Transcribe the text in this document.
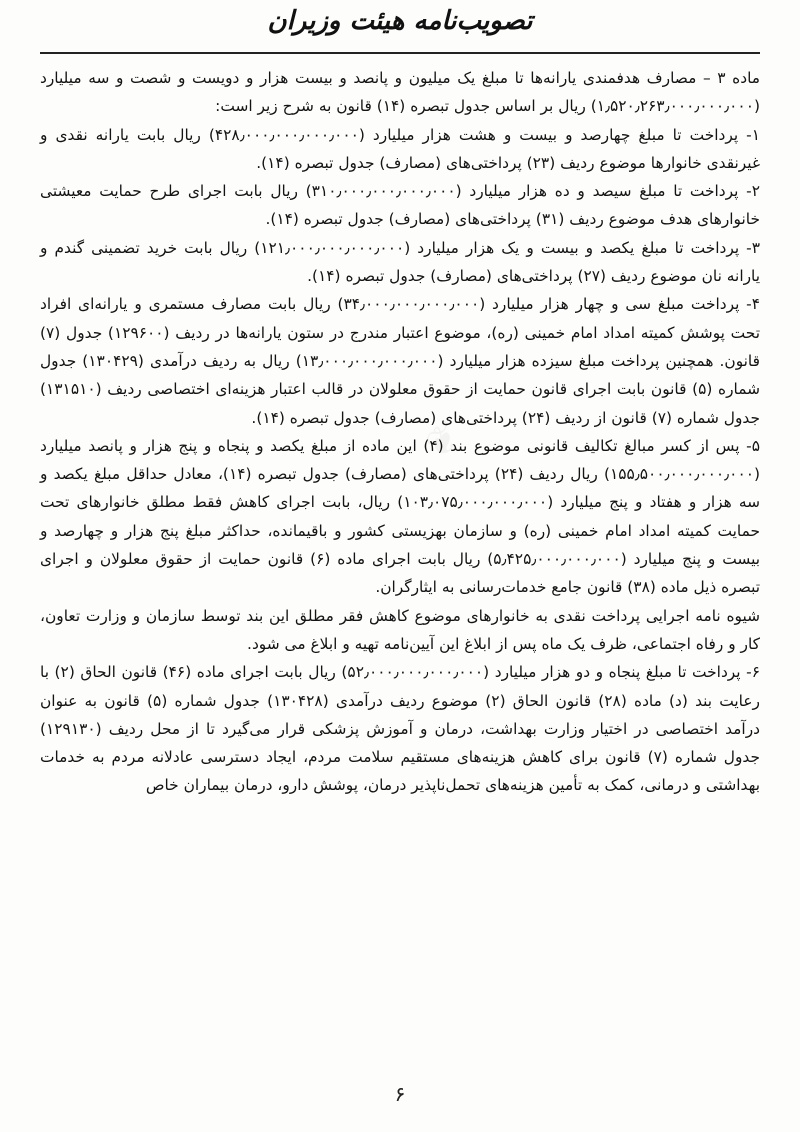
تصویب‌نامه هیئت وزیران

ماده ۳ – مصارف هدفمندی یارانه‌ها تا مبلغ یک میلیون و پانصد و بیست هزار و دویست و شصت و سه میلیارد (۱٫۵۲۰٫۲۶۳٫۰۰۰٫۰۰۰٫۰۰۰) ریال بر اساس جدول تبصره (۱۴) قانون به شرح زیر است:

۱- پرداخت تا مبلغ چهارصد و بیست و هشت هزار میلیارد (۴۲۸٫۰۰۰٫۰۰۰٫۰۰۰٫۰۰۰) ریال بابت یارانه نقدی و غیرنقدی خانوارها موضوع ردیف (۲۳) پرداختی‌های (مصارف) جدول تبصره (۱۴).

۲- پرداخت تا مبلغ سیصد و ده هزار میلیارد (۳۱۰٫۰۰۰٫۰۰۰٫۰۰۰٫۰۰۰) ریال بابت اجرای طرح حمایت معیشتی خانوارهای هدف موضوع ردیف (۳۱) پرداختی‌های (مصارف) جدول تبصره (۱۴).

۳- پرداخت تا مبلغ یکصد و بیست و یک هزار میلیارد (۱۲۱٫۰۰۰٫۰۰۰٫۰۰۰٫۰۰۰) ریال بابت خرید تضمینی گندم و یارانه نان موضوع ردیف (۲۷) پرداختی‌های (مصارف) جدول تبصره (۱۴).

۴- پرداخت مبلغ سی و چهار هزار میلیارد (۳۴٫۰۰۰٫۰۰۰٫۰۰۰٫۰۰۰) ریال بابت مصارف مستمری و یارانه‌ای افراد تحت پوشش کمیته امداد امام خمینی (ره)، موضوع اعتبار مندرج در ستون یارانه‌ها در ردیف (۱۲۹۶۰۰) جدول (۷) قانون. همچنین پرداخت مبلغ سیزده هزار میلیارد (۱۳٫۰۰۰٫۰۰۰٫۰۰۰٫۰۰۰) ریال به ردیف درآمدی (۱۳۰۴۲۹) جدول شماره (۵) قانون بابت اجرای قانون حمایت از حقوق معلولان در قالب اعتبار هزینه‌ای اختصاصی ردیف (۱۳۱۵۱۰) جدول شماره (۷) قانون از ردیف (۲۴) پرداختی‌های (مصارف) جدول تبصره (۱۴).

۵- پس از کسر مبالغ تکالیف قانونی موضوع بند (۴) این ماده از مبلغ یکصد و پنجاه و پنج هزار و پانصد میلیارد (۱۵۵٫۵۰۰٫۰۰۰٫۰۰۰٫۰۰۰) ریال ردیف (۲۴) پرداختی‌های (مصارف) جدول تبصره (۱۴)، معادل حداقل مبلغ یکصد و سه هزار و هفتاد و پنج میلیارد (۱۰۳٫۰۷۵٫۰۰۰٫۰۰۰٫۰۰۰) ریال، بابت اجرای کاهش فقط مطلق خانوارهای تحت حمایت کمیته امداد امام خمینی (ره) و سازمان بهزیستی کشور و باقیمانده، حداکثر مبلغ پنج هزار و چهارصد و بیست و پنج میلیارد (۵٫۴۲۵٫۰۰۰٫۰۰۰٫۰۰۰) ریال بابت اجرای ماده (۶) قانون حمایت از حقوق معلولان و اجرای تبصره ذیل ماده (۳۸) قانون جامع خدمات‌رسانی به ایثارگران.

شیوه نامه اجرایی پرداخت نقدی به خانوارهای موضوع کاهش فقر مطلق این بند توسط سازمان و وزارت تعاون، کار و رفاه اجتماعی، ظرف یک ماه پس از ابلاغ این آیین‌نامه تهیه و ابلاغ می شود.

۶- پرداخت تا مبلغ پنجاه و دو هزار میلیارد (۵۲٫۰۰۰٫۰۰۰٫۰۰۰٫۰۰۰) ریال بابت اجرای ماده (۴۶) قانون الحاق (۲) با رعایت بند (د) ماده (۲۸) قانون الحاق (۲) موضوع ردیف درآمدی (۱۳۰۴۲۸) جدول شماره (۵) قانون به عنوان درآمد اختصاصی در اختیار وزارت بهداشت، درمان و آموزش پزشکی قرار می‌گیرد تا از محل ردیف (۱۲۹۱۳۰) جدول شماره (۷) قانون برای کاهش هزینه‌های مستقیم سلامت مردم، ایجاد دسترسی عادلانه مردم به خدمات بهداشتی و درمانی، کمک به تأمین هزینه‌های تحمل‌ناپذیر درمان، پوشش دارو، درمان بیماران خاص

۶
